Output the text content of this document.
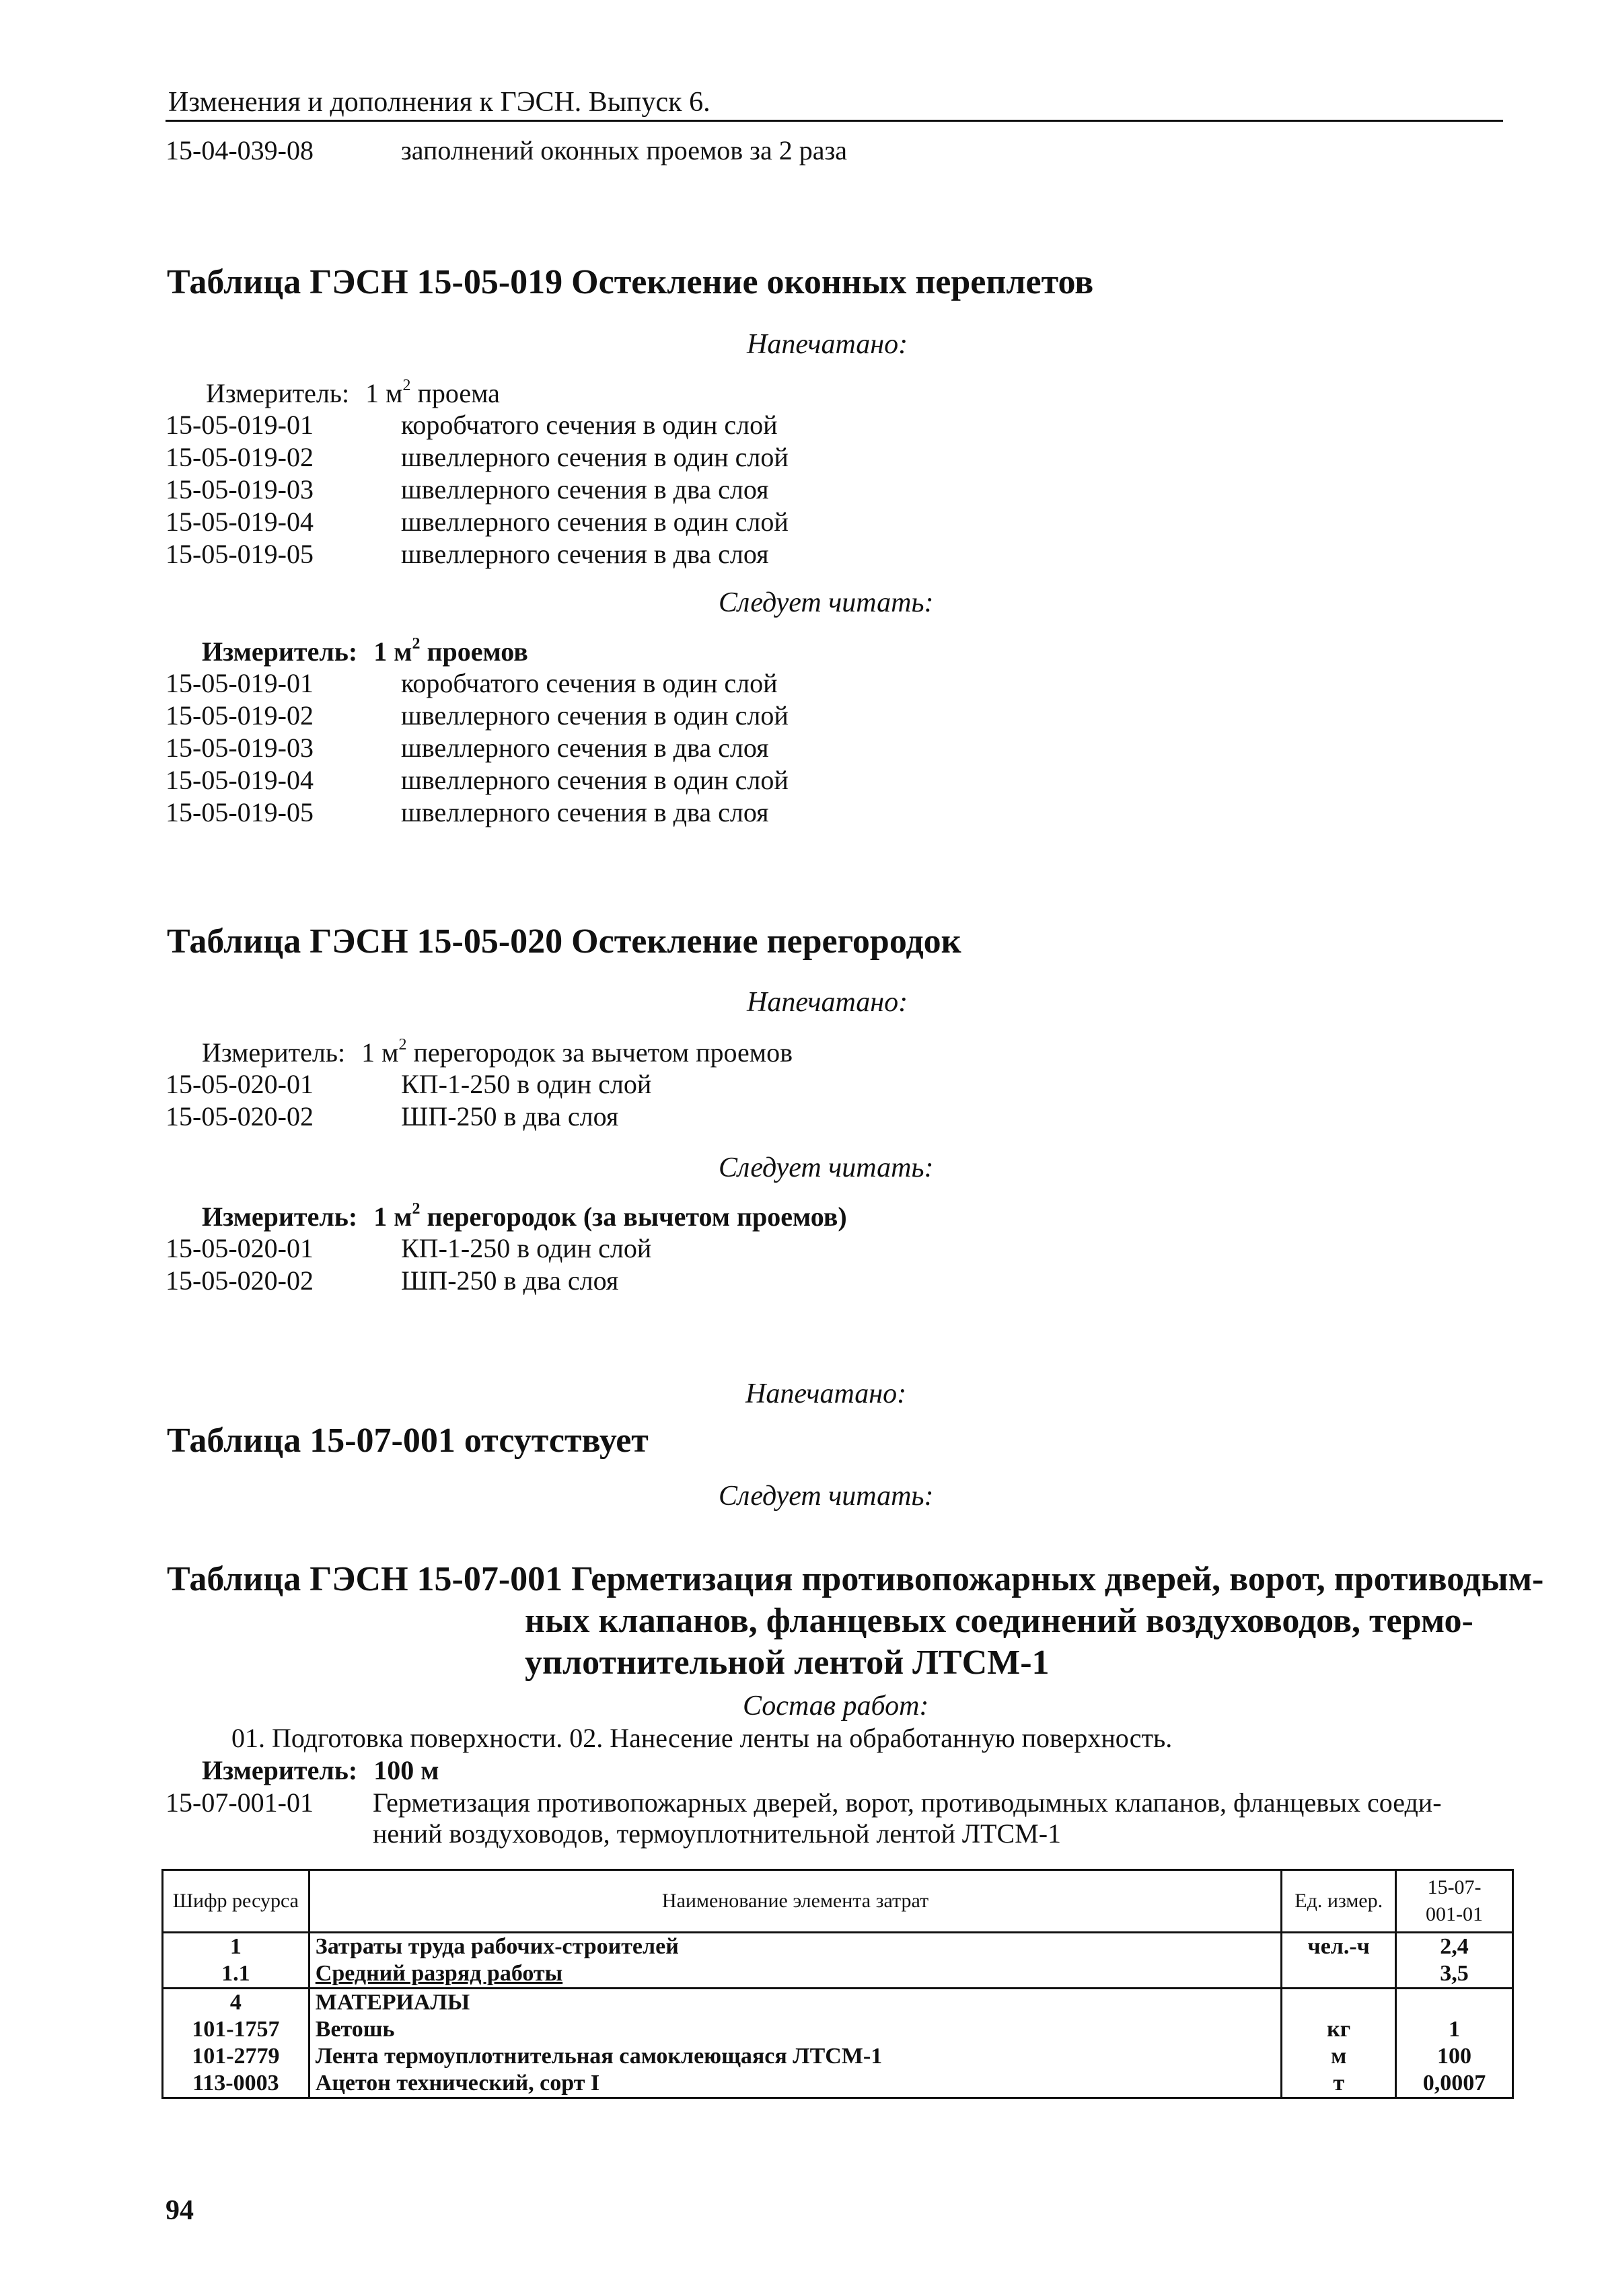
Изменения и дополнения к ГЭСН. Выпуск 6.
15-04-039-08	заполнений оконных проемов за 2 раза
Таблица ГЭСН 15-05-019 Остекление оконных переплетов
Напечатано:
Измеритель: 1 $м^2$ проема
15-05-019-01	коробчатого сечения в один слой
15-05-019-02	швеллерного сечения в один слой
15-05-019-03	швеллерного сечения в два слоя
15-05-019-04	швеллерного сечения в один слой
15-05-019-05	швеллерного сечения в два слоя
Следует читать:
Измеритель: 1 $м^2$ проемов
15-05-019-01	коробчатого сечения в один слой
15-05-019-02	швеллерного сечения в один слой
15-05-019-03	швеллерного сечения в два слоя
15-05-019-04	швеллерного сечения в один слой
15-05-019-05	швеллерного сечения в два слоя
Таблица ГЭСН 15-05-020 Остекление перегородок
Напечатано:
Измеритель: 1 $м^2$ перегородок за вычетом проемов
15-05-020-01	КП-1-250 в один слой
15-05-020-02	ШП-250 в два слоя
Следует читать:
Измеритель: 1 $м^2$ перегородок (за вычетом проемов)
15-05-020-01	КП-1-250 в один слой
15-05-020-02	ШП-250 в два слоя
Напечатано:
Таблица 15-07-001 отсутствует
Следует читать:
Таблица ГЭСН 15-07-001 Герметизация противопожарных дверей, ворот, противодым-
ных клапанов, фланцевых соединений воздуховодов, термо-
уплотнительной лентой ЛТСМ-1
Состав работ:
01. Подготовка поверхности. 02. Нанесение ленты на обработанную поверхность.
Измеритель: 100 м
15-07-001-01 Герметизация противопожарных дверей, ворот, противодымных клапанов, фланцевых соеди-
нений воздуховодов, термоуплотнительной лентой ЛТСМ-1
Шифр ресурса	Наименование элемента затрат	Ед. измер.	15-07-
001-01

1	Затраты труда рабочих-строителей	чел.-ч	2,4
1.1	Средний разряд работы		3,5
4	МАТЕРИАЛЫ		
101-1757	Ветошь	кг	1
101-2779	Лента термоуплотнительная самоклеющаяся ЛТСМ-1	м	100
113-0003	Ацетон технический, сорт I	т	0,0007
94
